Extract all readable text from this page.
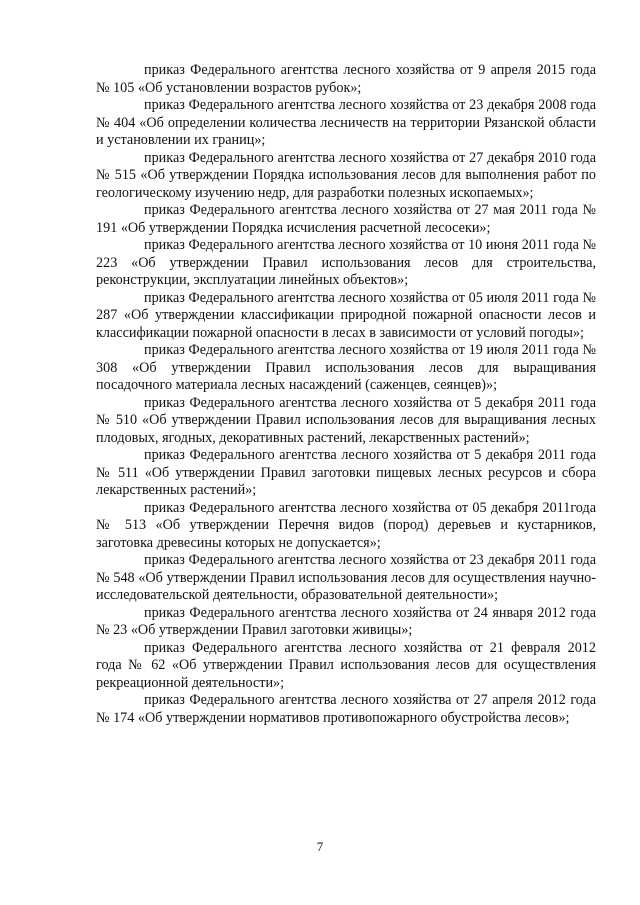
приказ Федерального агентства лесного хозяйства от 9 апреля 2015 года № 105 «Об установлении возрастов рубок»;

приказ Федерального агентства лесного хозяйства от 23 декабря 2008 года № 404 «Об определении количества лесничеств на территории Рязанской области и установлении их границ»;

приказ Федерального агентства лесного хозяйства от 27 декабря 2010 года № 515 «Об утверждении Порядка использования лесов для выполнения работ по геологическому изучению недр, для разработки полезных ископаемых»;

приказ Федерального агентства лесного хозяйства от 27 мая 2011 года № 191 «Об утверждении Порядка исчисления расчетной лесосеки»;

приказ Федерального агентства лесного хозяйства от 10 июня 2011 года № 223 «Об утверждении Правил использования лесов для строительства, реконструкции, эксплуатации линейных объектов»;

приказ Федерального агентства лесного хозяйства от 05 июля 2011 года № 287 «Об утверждении классификации природной пожарной опасности лесов и классификации пожарной опасности в лесах в зависимости от условий погоды»;

приказ Федерального агентства лесного хозяйства от 19 июля 2011 года № 308 «Об утверждении Правил использования лесов для выращивания посадочного материала лесных насаждений (саженцев, сеянцев)»;

приказ Федерального агентства лесного хозяйства от 5 декабря 2011 года № 510 «Об утверждении Правил использования лесов для выращивания лесных плодовых, ягодных, декоративных растений, лекарственных растений»;

приказ Федерального агентства лесного хозяйства от 5 декабря 2011 года № 511 «Об утверждении Правил заготовки пищевых лесных ресурсов и сбора лекарственных растений»;

приказ Федерального агентства лесного хозяйства от 05 декабря 2011года № 513 «Об утверждении Перечня видов (пород) деревьев и кустарников, заготовка древесины которых не допускается»;

приказ Федерального агентства лесного хозяйства от 23 декабря 2011 года № 548 «Об утверждении Правил использования лесов для осуществления научно-исследовательской деятельности, образовательной деятельности»;

приказ Федерального агентства лесного хозяйства от 24 января 2012 года № 23 «Об утверждении Правил заготовки живицы»;

приказ Федерального агентства лесного хозяйства от 21 февраля 2012 года № 62 «Об утверждении Правил использования лесов для осуществления рекреационной деятельности»;

приказ Федерального агентства лесного хозяйства от 27 апреля 2012 года № 174 «Об утверждении нормативов противопожарного обустройства лесов»;

7
